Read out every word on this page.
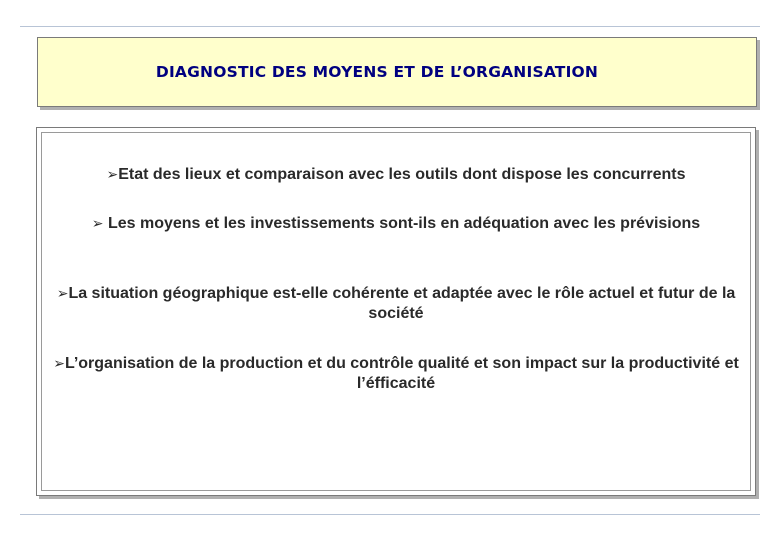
DIAGNOSTIC DES MOYENS ET DE L’ORGANISATION
➢Etat des lieux et comparaison avec les outils dont dispose les concurrents
➢ Les moyens et les investissements sont-ils en adéquation avec les prévisions
➢La situation géographique est-elle cohérente et adaptée avec le rôle actuel et futur de la société
➢L’organisation de la production et du contrôle qualité et son impact sur la productivité et l’éfficacité
